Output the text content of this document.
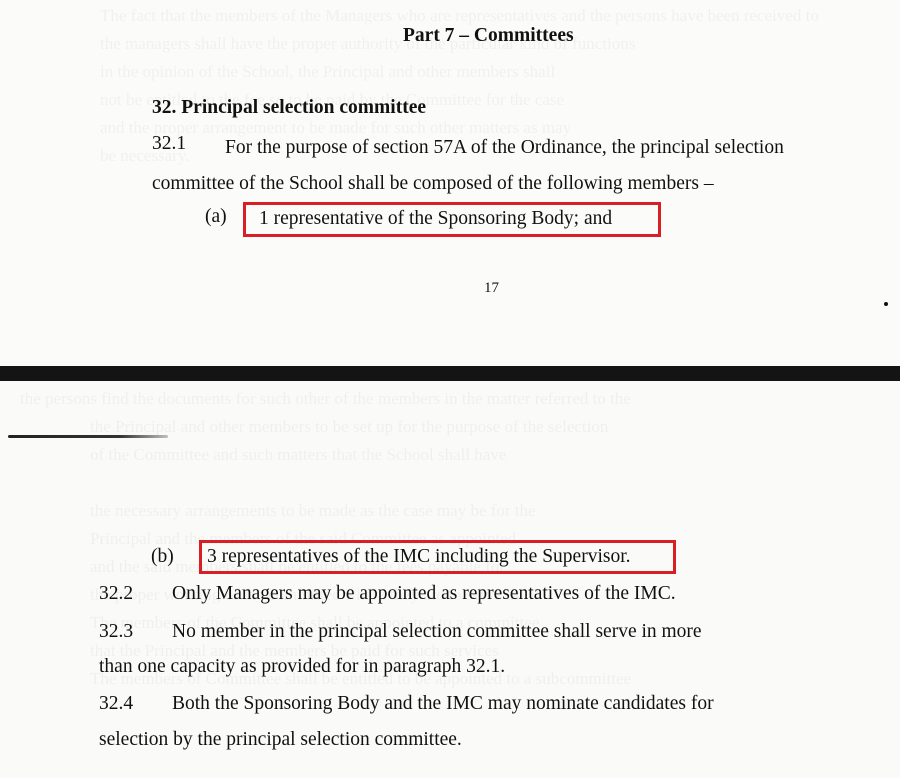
Part 7 – Committees
32. Principal selection committee
32.1 For the purpose of section 57A of the Ordinance, the principal selection
committee of the School shall be composed of the following members –
(a) 1 representative of the Sponsoring Body; and
17

(b) 3 representatives of the IMC including the Supervisor.
32.2 Only Managers may be appointed as representatives of the IMC.
32.3 No member in the principal selection committee shall serve in more
than one capacity as provided for in paragraph 32.1.
32.4 Both the Sponsoring Body and the IMC may nominate candidates for
selection by the principal selection committee.
